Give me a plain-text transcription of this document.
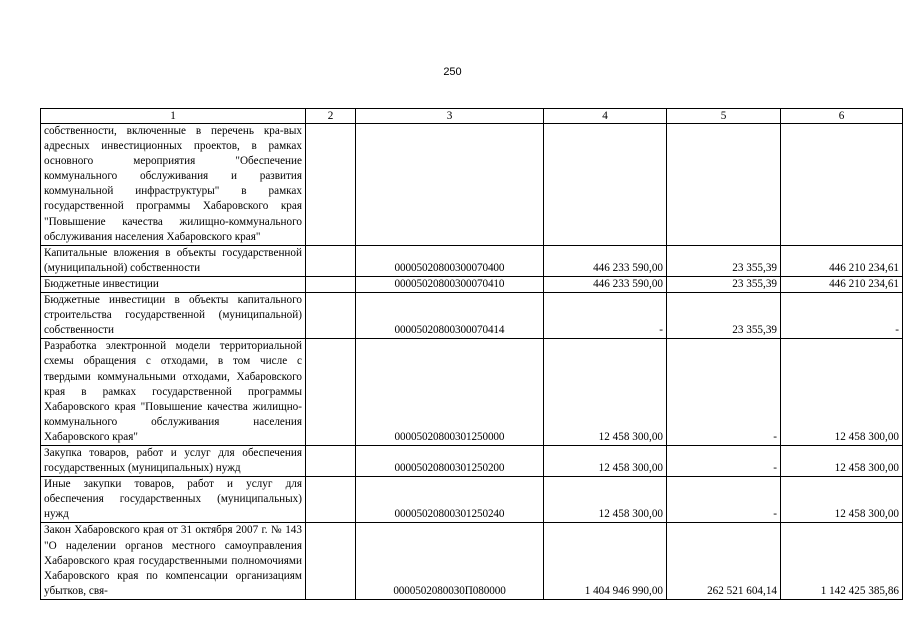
250
1	2	3	4	5	6
собственности, включенные в перечень кра-вых адресных инвестиционных проектов, в рамках основного мероприятия "Обеспечение коммунального обслуживания и развития коммунальной инфраструктуры" в рамках государственной программы Хабаровского края "Повышение качества жилищно-коммунального обслуживания населения Хабаровского края"					
Капитальные вложения в объекты государственной (муниципальной) собственности		00005020800300070400	446 233 590,00	23 355,39	446 210 234,61
Бюджетные инвестиции		00005020800300070410	446 233 590,00	23 355,39	446 210 234,61
Бюджетные инвестиции в объекты капитального строительства государственной (муниципальной) собственности		00005020800300070414	-	23 355,39	-
Разработка электронной модели территориальной схемы обращения с отходами, в том числе с твердыми коммунальными отходами, Хабаровского края в рамках государственной программы Хабаровского края "Повышение качества жилищно-коммунального обслуживания населения Хабаровского края"		00005020800301250000	12 458 300,00	-	12 458 300,00
Закупка товаров, работ и услуг для обеспечения государственных (муниципальных) нужд		00005020800301250200	12 458 300,00	-	12 458 300,00
Иные закупки товаров, работ и услуг для обеспечения государственных (муниципальных) нужд		00005020800301250240	12 458 300,00	-	12 458 300,00
Закон Хабаровского края от 31 октября 2007 г. № 143 "О наделении органов местного самоуправления Хабаровского края государственными полномочиями Хабаровского края по компенсации организациям убытков, свя-		00005020800З0П080000	1 404 946 990,00	262 521 604,14	1 142 425 385,86
